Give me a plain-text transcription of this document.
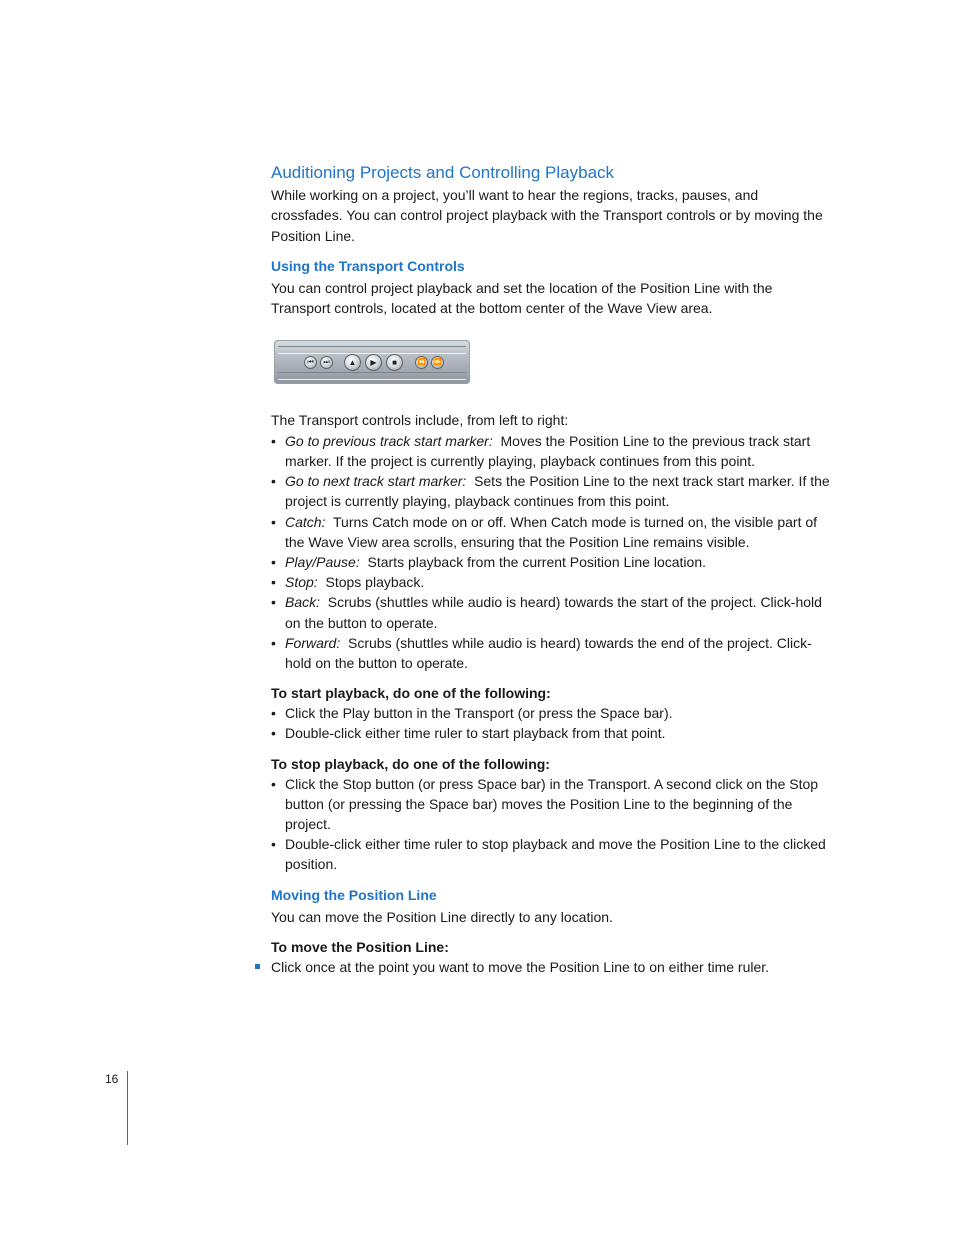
Auditioning Projects and Controlling Playback

While working on a project, you’ll want to hear the regions, tracks, pauses, and crossfades. You can control project playback with the Transport controls or by moving the Position Line.

Using the Transport Controls

You can control project playback and set the location of the Position Line with the Transport controls, located at the bottom center of the Wave View area.

⏮	⏭	▲	▶	■	⏪ ⏩

The Transport controls include, from left to right:

• Go to previous track start marker: Moves the Position Line to the previous track start marker. If the project is currently playing, playback continues from this point.
• Go to next track start marker: Sets the Position Line to the next track start marker. If the project is currently playing, playback continues from this point.
• Catch: Turns Catch mode on or off. When Catch mode is turned on, the visible part of the Wave View area scrolls, ensuring that the Position Line remains visible.
• Play/Pause: Starts playback from the current Position Line location.
• Stop: Stops playback.
• Back: Scrubs (shuttles while audio is heard) towards the start of the project. Click-hold on the button to operate.
• Forward: Scrubs (shuttles while audio is heard) towards the end of the project. Click-hold on the button to operate.

To start playback, do one of the following:

• Click the Play button in the Transport (or press the Space bar).
• Double-click either time ruler to start playback from that point.

To stop playback, do one of the following:

• Click the Stop button (or press Space bar) in the Transport. A second click on the Stop button (or pressing the Space bar) moves the Position Line to the beginning of the project.
• Double-click either time ruler to stop playback and move the Position Line to the clicked position.
Moving the Position Line

You can move the Position Line directly to any location.

To move the Position Line:

Click once at the point you want to move the Position Line to on either time ruler.

16
